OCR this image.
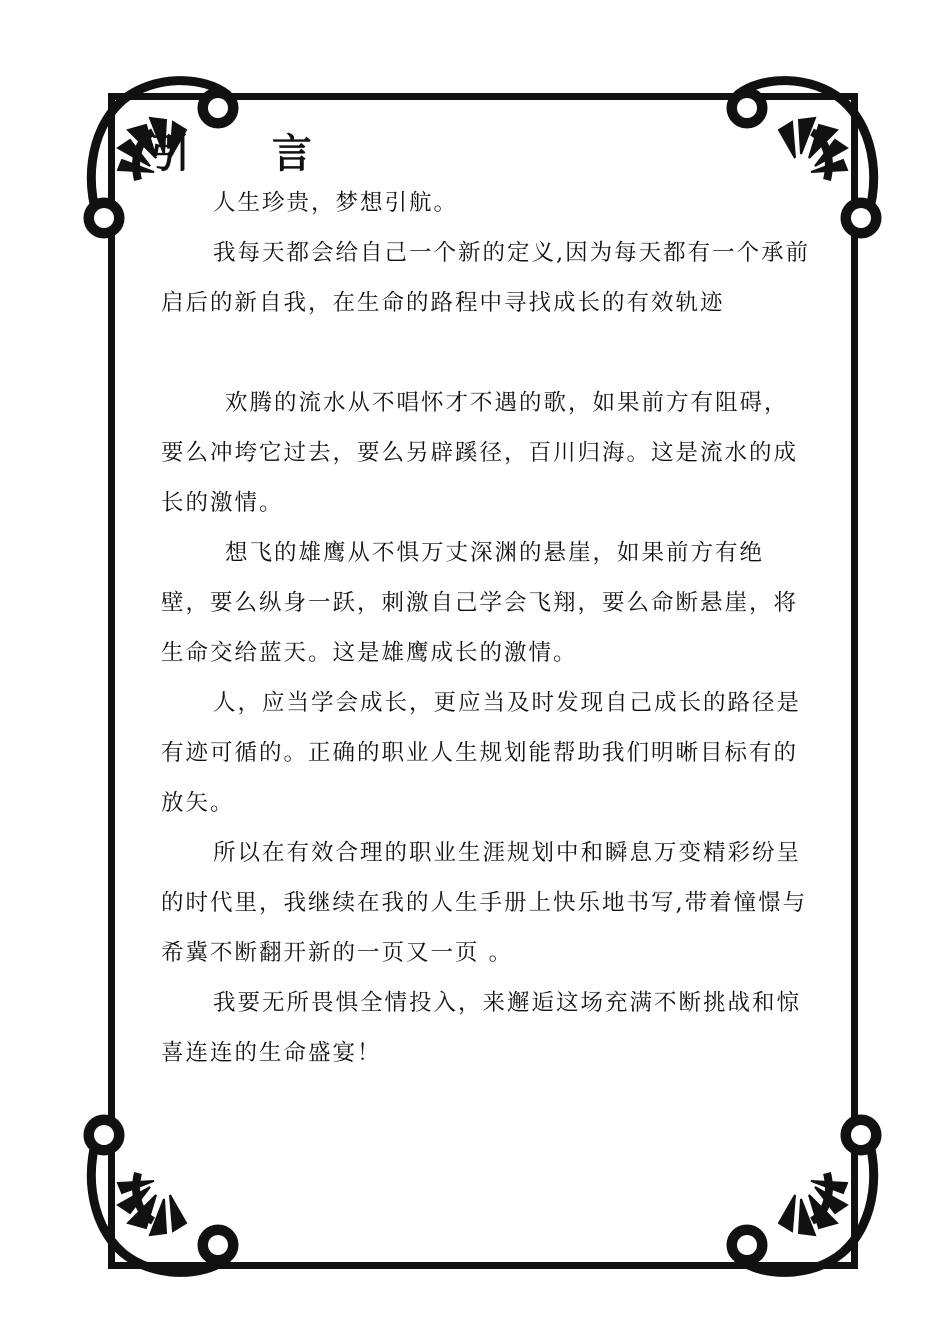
引 言

人生珍贵，梦想引航。

我每天都会给自己一个新的定义,因为每天都有一个承前启后的新自我，在生命的路程中寻找成长的有效轨迹

欢腾的流水从不唱怀才不遇的歌，如果前方有阻碍，要么冲垮它过去，要么另辟蹊径，百川归海。这是流水的成长的激情。

想飞的雄鹰从不惧万丈深渊的悬崖，如果前方有绝壁，要么纵身一跃，刺激自己学会飞翔，要么命断悬崖，将生命交给蓝天。这是雄鹰成长的激情。

人，应当学会成长，更应当及时发现自己成长的路径是有迹可循的。正确的职业人生规划能帮助我们明晰目标有的放矢。

所以在有效合理的职业生涯规划中和瞬息万变精彩纷呈的时代里，我继续在我的人生手册上快乐地书写,带着憧憬与希冀不断翻开新的一页又一页 。

我要无所畏惧全情投入，来邂逅这场充满不断挑战和惊喜连连的生命盛宴！
